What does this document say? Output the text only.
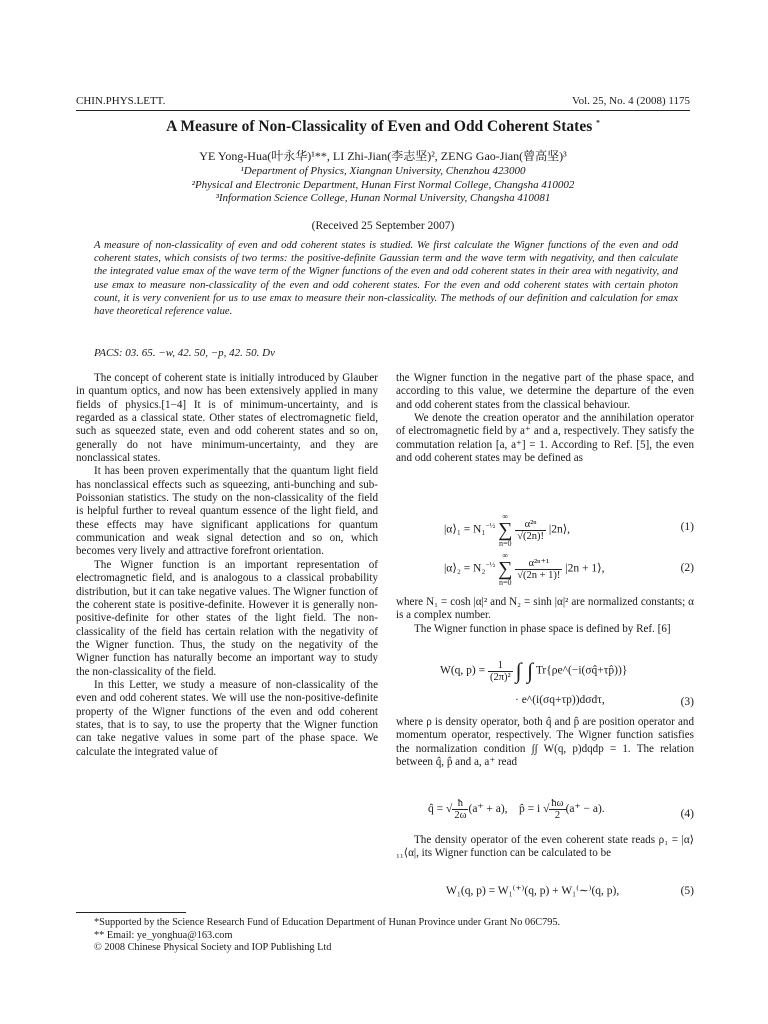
CHIN.PHYS.LETT.	Vol. 25, No. 4 (2008) 1175
A Measure of Non-Classicality of Even and Odd Coherent States *
YE Yong-Hua(叶永华)¹**, LI Zhi-Jian(李志坚)², ZENG Gao-Jian(曾高坚)³
¹Department of Physics, Xiangnan University, Chenzhou 423000
²Physical and Electronic Department, Hunan First Normal College, Changsha 410002
³Information Science College, Hunan Normal University, Changsha 410081
(Received 25 September 2007)
A measure of non-classicality of even and odd coherent states is studied. We first calculate the Wigner functions of the even and odd coherent states, which consists of two terms: the positive-definite Gaussian term and the wave term with negativity, and then calculate the integrated value εmax of the wave term of the Wigner functions of the even and odd coherent states in their area with negativity, and use εmax to measure non-classicality of the even and odd coherent states. For the even and odd coherent states with certain photon count, it is very convenient for us to use εmax to measure their non-classicality. The methods of our definition and calculation for εmax have theoretical reference value.
PACS: 03. 65. −w, 42. 50, −p, 42. 50. Dv

The concept of coherent state is initially introduced by Glauber in quantum optics, and now has been extensively applied in many fields of physics.[1−4] It is of minimum-uncertainty, and is regarded as a classical state. Other states of electromagnetic field, such as squeezed state, even and odd coherent states and so on, generally do not have minimum-uncertainty, and they are nonclassical states.

It has been proven experimentally that the quantum light field has nonclassical effects such as squeezing, anti-bunching and sub-Poissonian statistics. The study on the non-classicality of the field is helpful further to reveal quantum essence of the light field, and these effects may have significant applications for quantum communication and weak signal detection and so on, which becomes very lively and attractive forefront orientation.

The Wigner function is an important representation of electromagnetic field, and is analogous to a classical probability distribution, but it can take negative values. The Wigner function of the coherent state is positive-definite. However it is generally non-positive-definite for other states of the light field. The non-classicality of the field has certain relation with the negativity of the Wigner function. Thus, the study on the negativity of the Wigner function has naturally become an important way to study the non-classicality of the field.

In this Letter, we study a measure of non-classicality of the even and odd coherent states. We will use the non-positive-definite property of the Wigner functions of the even and odd coherent states, that is to say, to use the property that the Wigner function can take negative values in some part of the phase space. We calculate the integrated value of

the Wigner function in the negative part of the phase space, and according to this value, we determine the departure of the even and odd coherent states from the classical behaviour.

We denote the creation operator and the annihilation operator of electromagnetic field by a⁺ and a, respectively. They satisfy the commutation relation [a, a⁺] = 1. According to Ref. [5], the even and odd coherent states may be defined as

|α⟩₁ = N₁$^{-\frac{1}{2}}$ ∞
∑
n=0
$\frac{\text{α²ⁿ}}{√(2n)!}$ |2n⟩,	(1)
|α⟩₂ = N₂$^{-\frac{1}{2}}$ ∞
∑
n=0
$\frac{\text{α²ⁿ⁺¹}}{√(2n + 1)!} |2n$ + 1⟩,	(2)

where N₁ = cosh |α|² and N₂ = sinh |α|² are normalized constants; α is a complex number.

The Wigner function in phase space is defined by Ref. [6]

W(q, $p) = \frac{1}{\text{(2π)²}}$ ∫ ∫ Tr{ρe^(−i(σq̂+τp̂))}
· e^(i(σq+τp))dσdτ,	(3)

where ρ is density operator, both q̂ and p̂ are position operator and momentum operator, respectively. The Wigner function satisfies the normalization condition ∫∫ W(q, p)dqdp = 1. The relation between q̂, p̂ and a, a⁺ read

q̂ = √ $\frac{ħ}{2\omega} (a^+ + a)$, p̂ = i √ $\frac{ħ\omega}{2} (a^+ - a)$.	(4)

The density operator of the even coherent state reads ρ₁ = |α⟩₁₁⟨α|, its Wigner function can be calculated to be

W₁(q, p) = W₁⁽⁺⁾(q, p) + W₁⁽∼⁾(q, p),	(5)
*Supported by the Science Research Fund of Education Department of Hunan Province under Grant No 06C795.
** Email: ye_yonghua@163.com
© 2008 Chinese Physical Society and IOP Publishing Ltd
